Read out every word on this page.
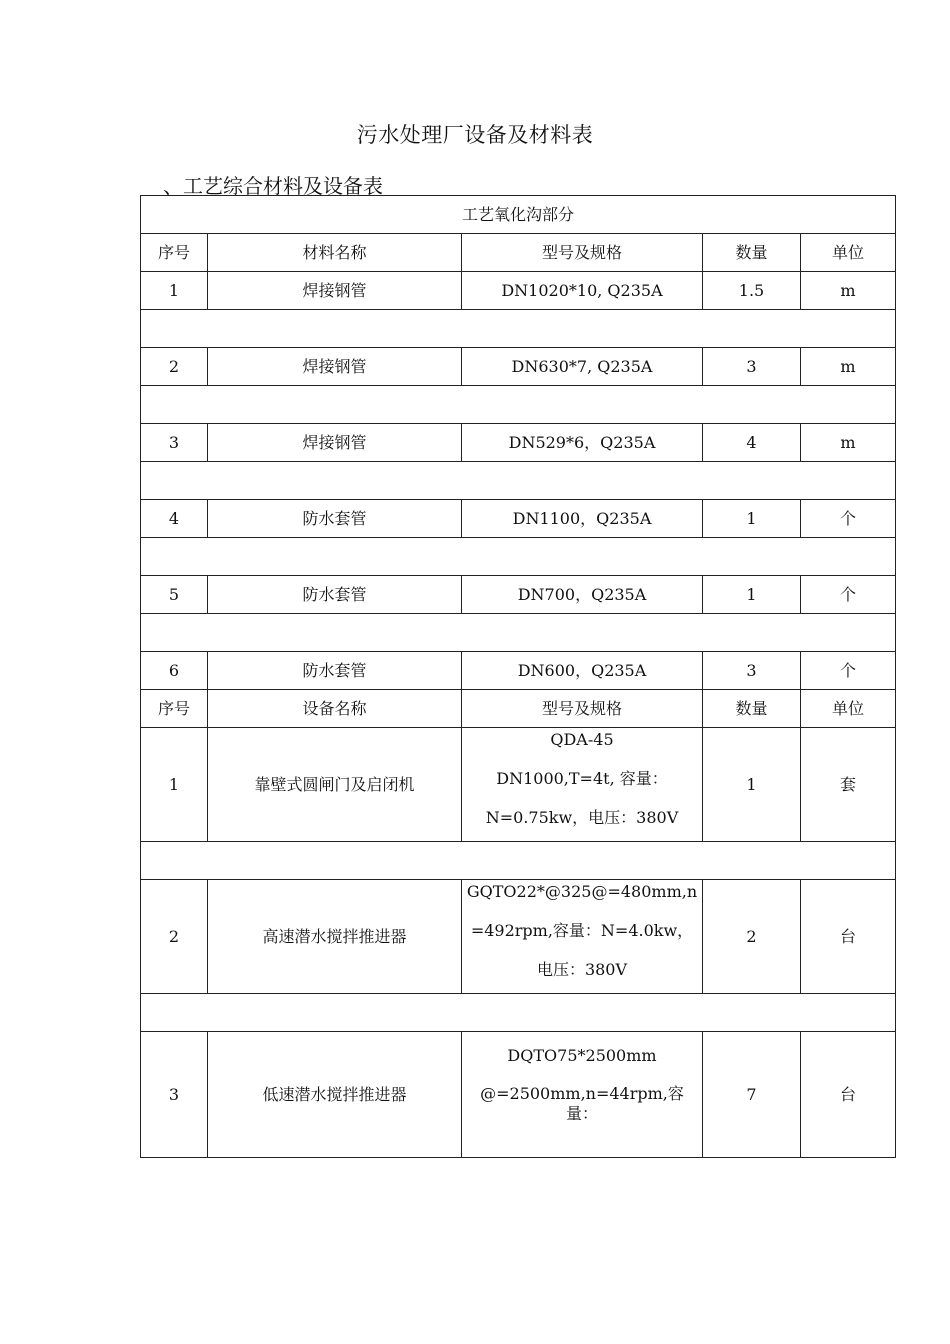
污水处理厂设备及材料表
、工艺综合材料及设备表
工艺氧化沟部分				
序号	材料名称	型号及规格	数量	单位
1	焊接钢管	DN1020*10, Q235A	1.5	m

2	焊接钢管	DN630*7, Q235A	3	m

3	焊接钢管	DN529*6，Q235A	4	m

4	防水套管	DN1100，Q235A	1	个

5	防水套管	DN700，Q235A	1	个

6	防水套管	DN600，Q235A	3	个
序号	设备名称	型号及规格	数量	单位
1	靠壁式圆闸门及启闭机	QDA-45
DN1000,T=4t, 容量：
N=0.75kw，电压：380V	1	套

2	高速潜水搅拌推进器	GQTO22*@325@=480mm,n
=492rpm,容量：N=4.0kw，
电压：380V	2	台

3	低速潜水搅拌推进器	DQTO75*2500mm
@=2500mm,n=44rpm,容
量：	7	台
